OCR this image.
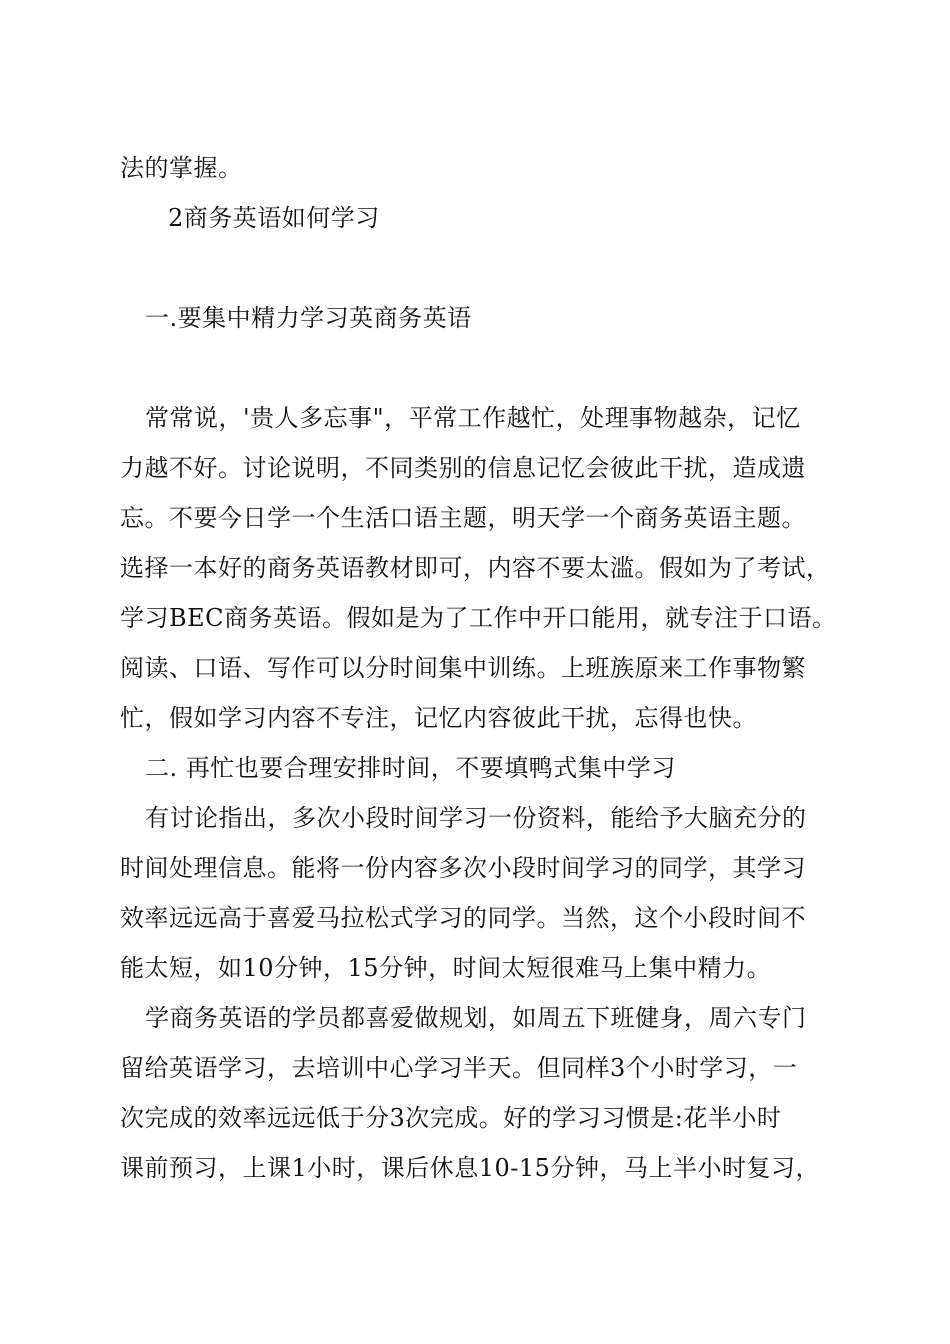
法的掌握。
2商务英语如何学习
一.要集中精力学习英商务英语
常常说，'贵人多忘事"，平常工作越忙，处理事物越杂，记忆
力越不好。讨论说明，不同类别的信息记忆会彼此干扰，造成遗
忘。不要今日学一个生活口语主题，明天学一个商务英语主题。
选择一本好的商务英语教材即可，内容不要太滥。假如为了考试，
学习BEC商务英语。假如是为了工作中开口能用，就专注于口语。
阅读、口语、写作可以分时间集中训练。上班族原来工作事物繁
忙，假如学习内容不专注，记忆内容彼此干扰，忘得也快。
二. 再忙也要合理安排时间，不要填鸭式集中学习
有讨论指出，多次小段时间学习一份资料，能给予大脑充分的
时间处理信息。能将一份内容多次小段时间学习的同学，其学习
效率远远高于喜爱马拉松式学习的同学。当然，这个小段时间不
能太短，如10分钟，15分钟，时间太短很难马上集中精力。
学商务英语的学员都喜爱做规划，如周五下班健身，周六专门
留给英语学习，去培训中心学习半天。但同样3个小时学习，一
次完成的效率远远低于分3次完成。好的学习习惯是:花半小时
课前预习，上课1小时，课后休息10-15分钟，马上半小时复习，
